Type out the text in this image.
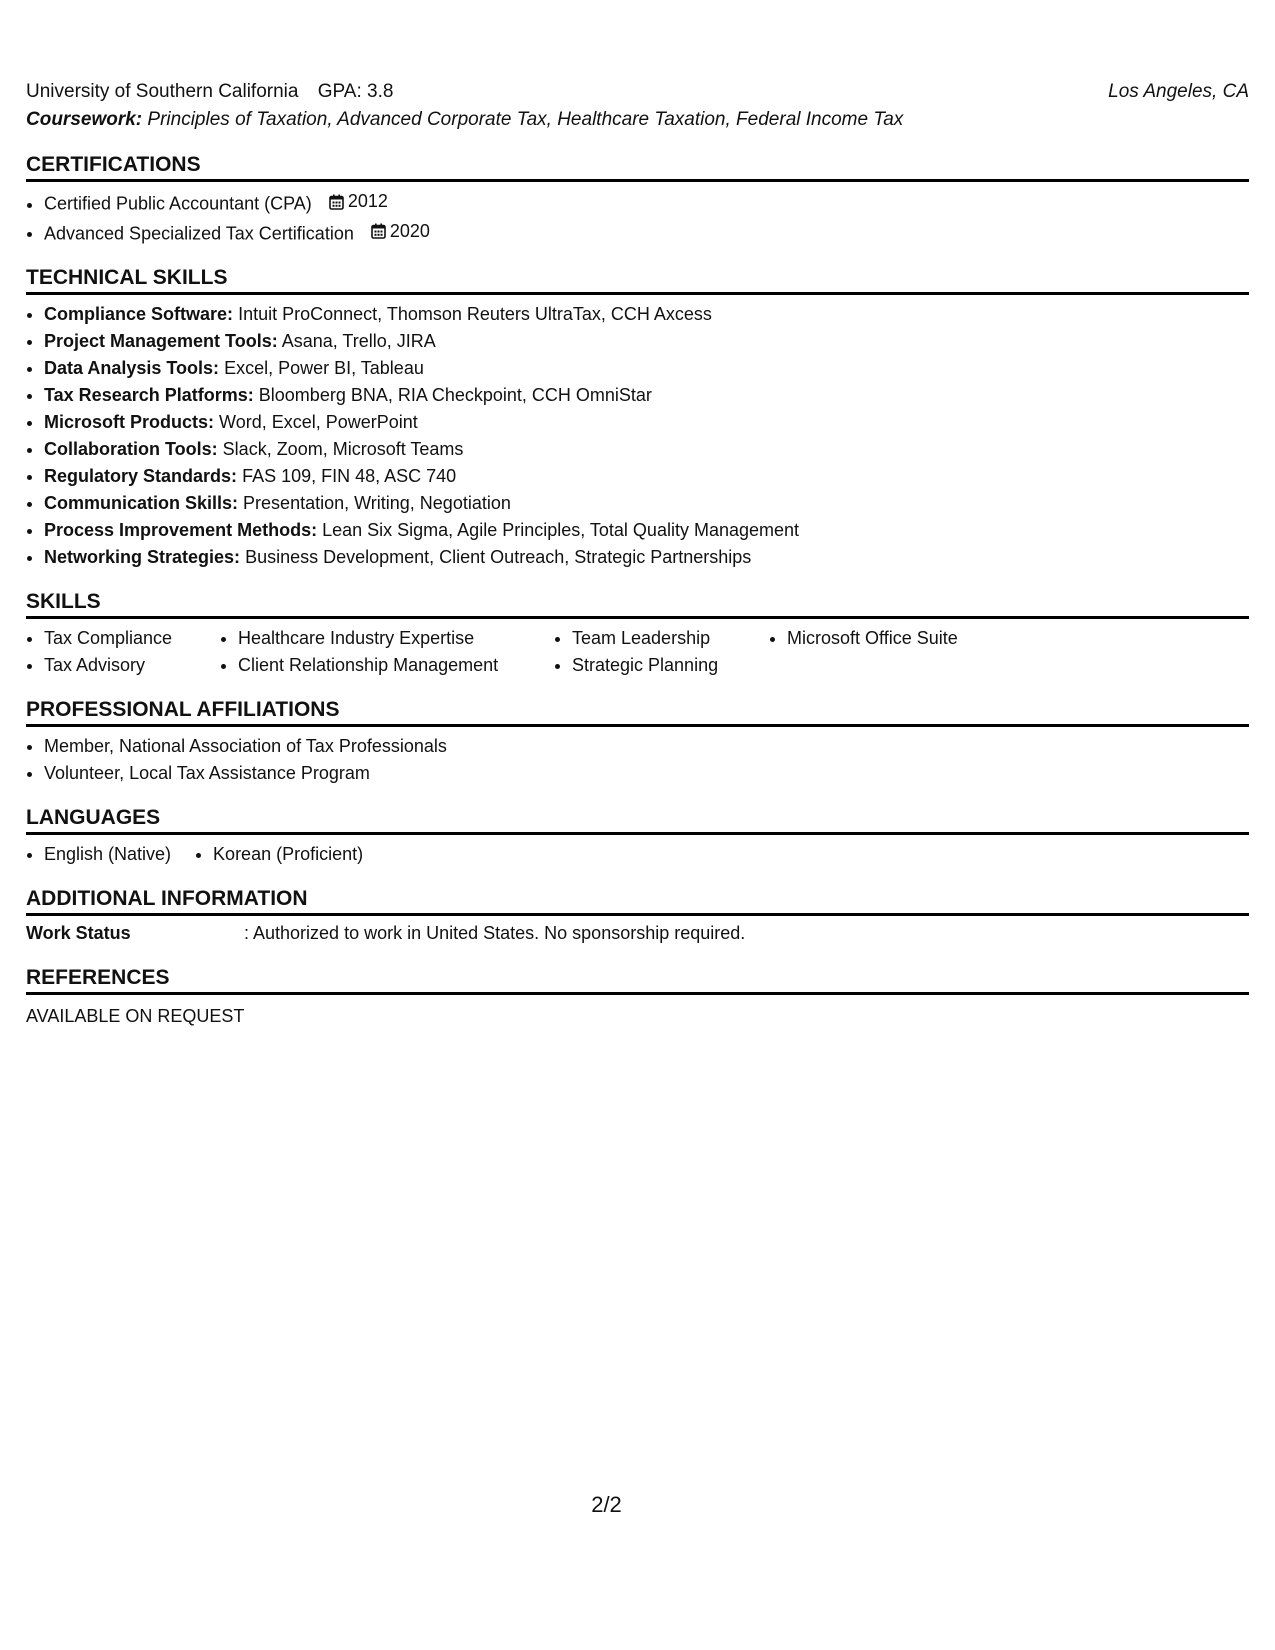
University of Southern California GPA: 3.8	Los Angeles, CA
Coursework: Principles of Taxation, Advanced Corporate Tax, Healthcare Taxation, Federal Income Tax
CERTIFICATIONS
• Certified Public Accountant (CPA) 2012
• Advanced Specialized Tax Certification 2020
TECHNICAL SKILLS
• Compliance Software: Intuit ProConnect, Thomson Reuters UltraTax, CCH Axcess
• Project Management Tools: Asana, Trello, JIRA
• Data Analysis Tools: Excel, Power BI, Tableau
• Tax Research Platforms: Bloomberg BNA, RIA Checkpoint, CCH OmniStar
• Microsoft Products: Word, Excel, PowerPoint
• Collaboration Tools: Slack, Zoom, Microsoft Teams
• Regulatory Standards: FAS 109, FIN 48, ASC 740
• Communication Skills: Presentation, Writing, Negotiation
• Process Improvement Methods: Lean Six Sigma, Agile Principles, Total Quality Management
• Networking Strategies: Business Development, Client Outreach, Strategic Partnerships
SKILLS
• Tax Compliance
• Tax Advisory
• Healthcare Industry Expertise
• Client Relationship Management
• Team Leadership
• Strategic Planning
• Microsoft Office Suite
PROFESSIONAL AFFILIATIONS
• Member, National Association of Tax Professionals
• Volunteer, Local Tax Assistance Program
LANGUAGES
• English (Native)
• Korean (Proficient)
ADDITIONAL INFORMATION
Work Status	: Authorized to work in United States. No sponsorship required.
REFERENCES
AVAILABLE ON REQUEST
2/2
